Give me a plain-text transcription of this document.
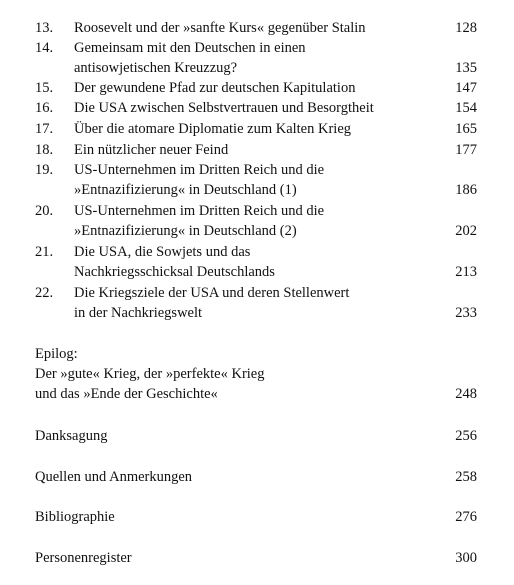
13. Roosevelt und der »sanfte Kurs« gegenüber Stalin	128
14. Gemeinsam mit den Deutschen in einen
antisowjetischen Kreuzzug?	135
15. Der gewundene Pfad zur deutschen Kapitulation	147
16. Die USA zwischen Selbstvertrauen und Besorgtheit	154
17. Über die atomare Diplomatie zum Kalten Krieg	165
18. Ein nützlicher neuer Feind	177
19. US-Unternehmen im Dritten Reich und die
»Entnazifizierung« in Deutschland (1)	186
20. US-Unternehmen im Dritten Reich und die
»Entnazifizierung« in Deutschland (2)	202
21. Die USA, die Sowjets und das
Nachkriegsschicksal Deutschlands	213
22. Die Kriegsziele der USA und deren Stellenwert
in der Nachkriegswelt	233
Epilog:
Der »gute« Krieg, der »perfekte« Krieg
und das »Ende der Geschichte«	248
Danksagung	256
Quellen und Anmerkungen	258
Bibliographie	276
Personenregister	300
